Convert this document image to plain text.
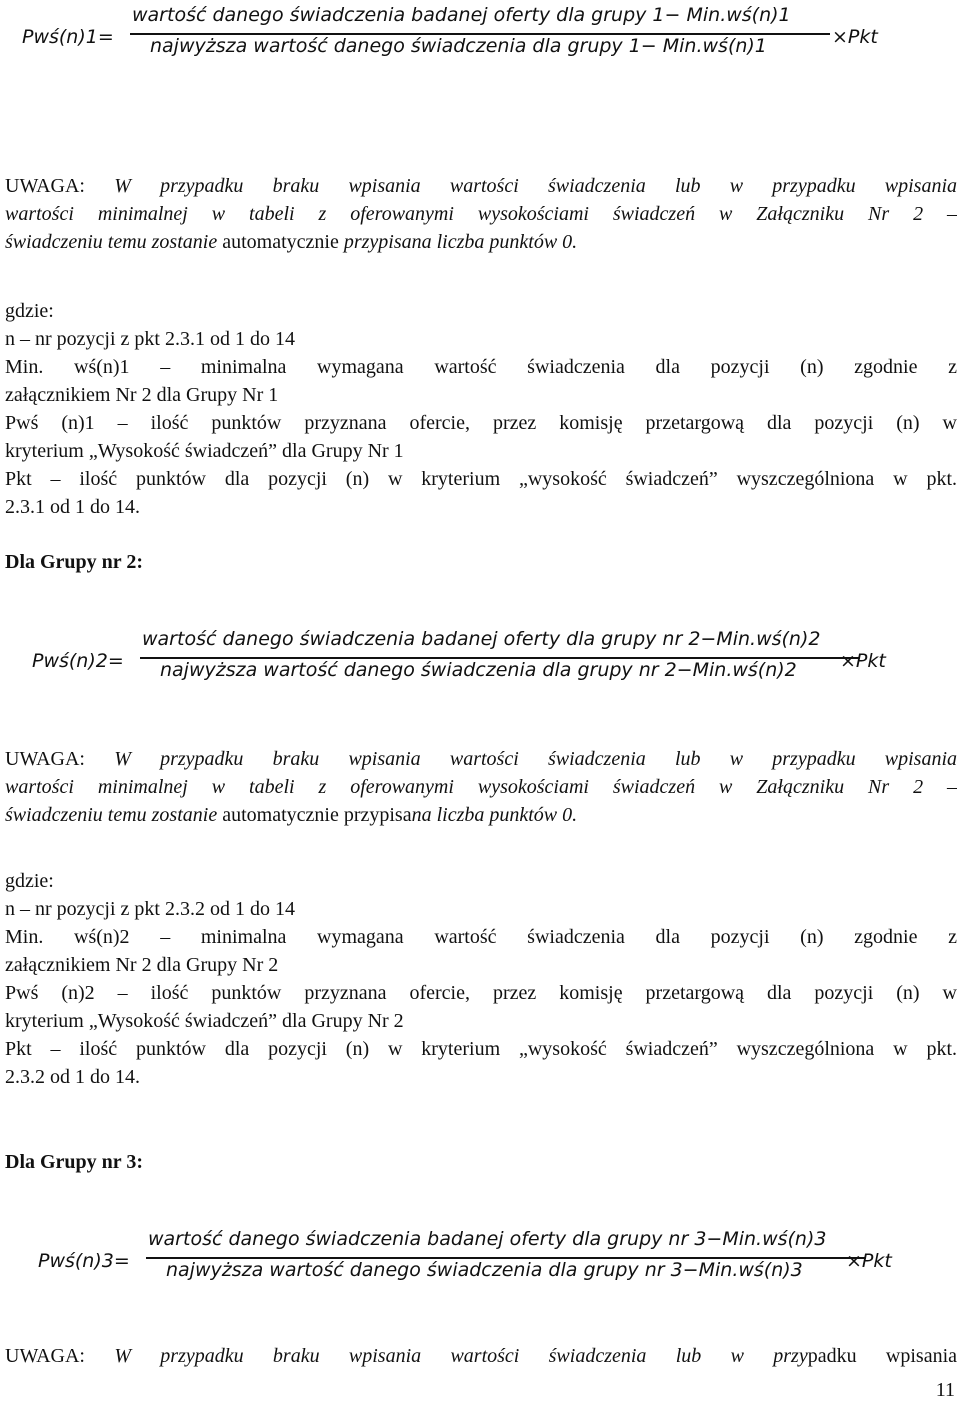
Pwś(n)1=
wartość danego świadczenia badanej oferty dla grupy 1− Min.wś(n)1
najwyższa wartość danego świadczenia dla grupy 1− Min.wś(n)1	×Pkt
UWAGA: W przypadku braku wpisania wartości świadczenia lub w przypadku wpisania
wartości minimalnej w tabeli z oferowanymi wysokościami świadczeń w Załączniku Nr 2 –
świadczeniu temu zostanie automatycznie przypisana liczba punktów 0.
gdzie:
n – nr pozycji z pkt 2.3.1 od 1 do 14
Min. wś(n)1 – minimalna wymagana wartość świadczenia dla pozycji (n) zgodnie z
załącznikiem Nr 2 dla Grupy Nr 1
Pwś (n)1 – ilość punktów przyznana ofercie, przez komisję przetargową dla pozycji (n) w
kryterium „Wysokość świadczeń” dla Grupy Nr 1
Pkt – ilość punktów dla pozycji (n) w kryterium „wysokość świadczeń” wyszczególniona w pkt.
2.3.1 od 1 do 14.
Dla Grupy nr 2:
Pwś(n)2=
wartość danego świadczenia badanej oferty dla grupy nr 2−Min.wś(n)2
najwyższa wartość danego świadczenia dla grupy nr 2−Min.wś(n)2 ×Pkt
UWAGA: W przypadku braku wpisania wartości świadczenia lub w przypadku wpisania
wartości minimalnej w tabeli z oferowanymi wysokościami świadczeń w Załączniku Nr 2 –
świadczeniu temu zostanie automatycznie przypisana liczba punktów 0.
gdzie:
n – nr pozycji z pkt 2.3.2 od 1 do 14
Min. wś(n)2 – minimalna wymagana wartość świadczenia dla pozycji (n) zgodnie z
załącznikiem Nr 2 dla Grupy Nr 2
Pwś (n)2 – ilość punktów przyznana ofercie, przez komisję przetargową dla pozycji (n) w
kryterium „Wysokość świadczeń” dla Grupy Nr 2
Pkt – ilość punktów dla pozycji (n) w kryterium „wysokość świadczeń” wyszczególniona w pkt.
2.3.2 od 1 do 14.
Dla Grupy nr 3:
Pwś(n)3=
wartość danego świadczenia badanej oferty dla grupy nr 3−Min.wś(n)3
najwyższa wartość danego świadczenia dla grupy nr 3−Min.wś(n)3 ×Pkt
UWAGA: W przypadku braku wpisania wartości świadczenia lub w przypadku wpisania
11
